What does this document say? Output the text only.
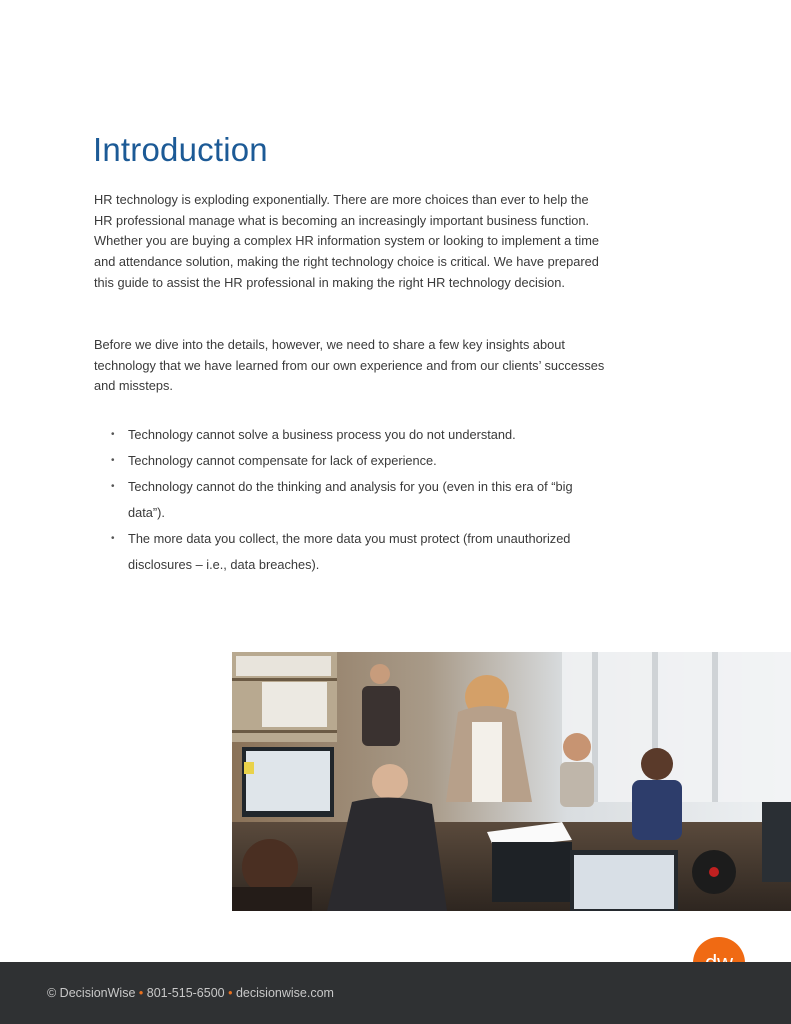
Introduction

HR technology is exploding exponentially. There are more choices than ever to help the HR professional manage what is becoming an increasingly important business function. Whether you are buying a complex HR information system or looking to implement a time and attendance solution, making the right technology choice is critical. We have prepared this guide to assist the HR professional in making the right HR technology decision.

Before we dive into the details, however, we need to share a few key insights about technology that we have learned from our own experience and from our clients’ successes and missteps.

• Technology cannot solve a business process you do not understand.
• Technology cannot compensate for lack of experience.
• Technology cannot do the thinking and analysis for you (even in this era of “big data”).
• The more data you collect, the more data you must protect (from unauthorized disclosures – i.e., data breaches).
© DecisionWise • 801-515-6500 • decisionwise.com
